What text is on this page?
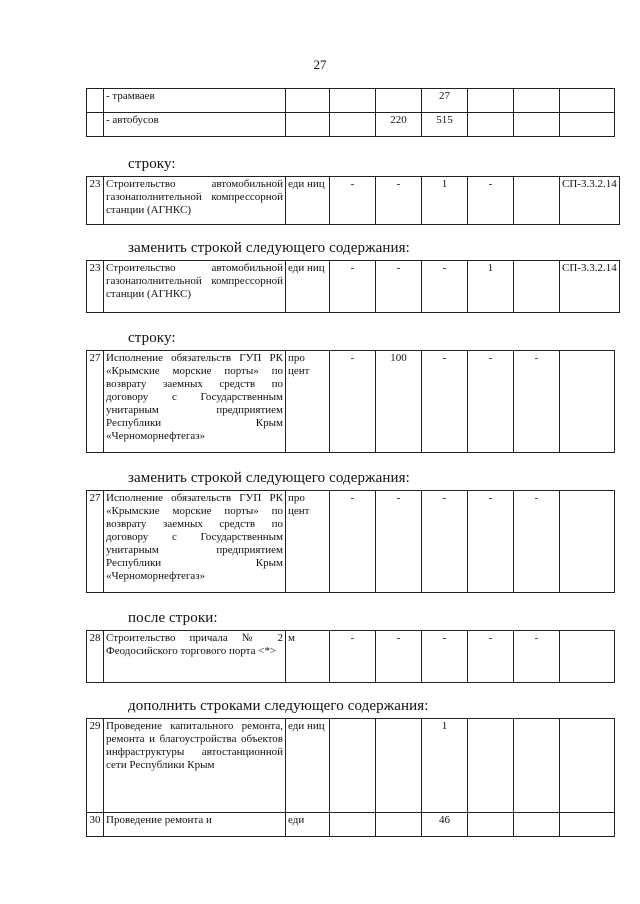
27
	- трамваев				27			
	- автобусов			220	515			
строку:
23	Строительство автомобильной газонаполнительной компрессорной станции (АГНКС)	еди ниц	-	-	1	-		СП-3.3.2.14
заменить строкой следующего содержания:
23	Строительство автомобильной газонаполнительной компрессорной станции (АГНКС)	еди ниц	-	-	-	1		СП-3.3.2.14
строку:
27	Исполнение обязательств ГУП РК «Крымские морские порты» по возврату заемных средств по договору с Государственным унитарным предприятием Республики Крым «Черноморнефтегаз»	про цент	-	100	-	-	-	
заменить строкой следующего содержания:
27	Исполнение обязательств ГУП РК «Крымские морские порты» по возврату заемных средств по договору с Государственным унитарным предприятием Республики Крым «Черноморнефтегаз»	про цент	-	-	-	-	-	
после строки:
28	Строительство причала № 2 Феодосийского торгового порта <*>	м	-	-	-	-	-	
дополнить строками следующего содержания:
29	Проведение капитального ремонта, ремонта и благоустройства объектов инфраструктуры автостанционной сети Республики Крым	еди ниц			1			
30	Проведение ремонта и	еди			46			
